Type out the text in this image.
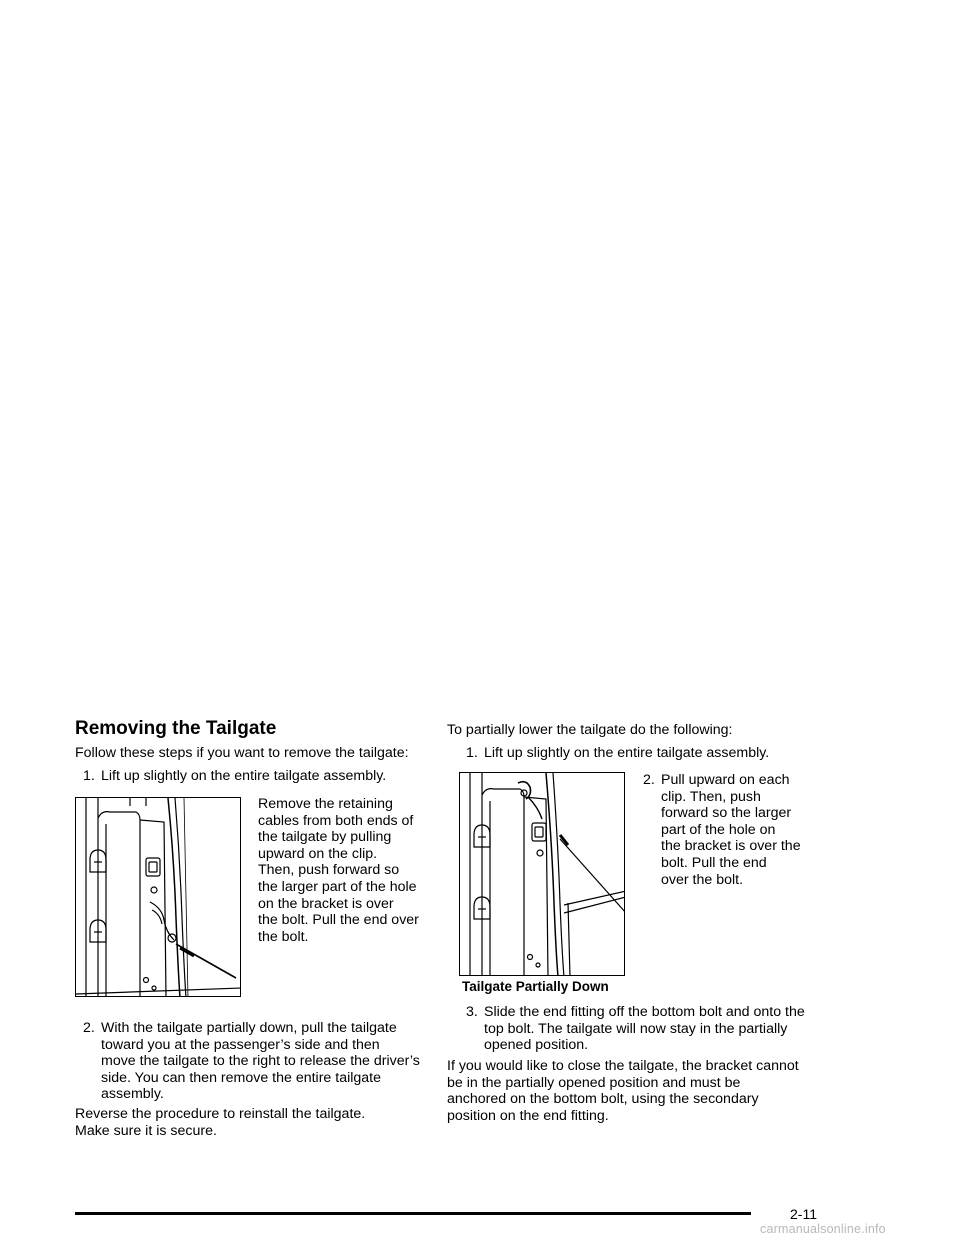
Removing the Tailgate
Follow these steps if you want to remove the tailgate:
1. Lift up slightly on the entire tailgate assembly.
Remove the retaining
cables from both ends of
the tailgate by pulling
upward on the clip.
Then, push forward so
the larger part of the hole
on the bracket is over
the bolt. Pull the end over
the bolt.
2. With the tailgate partially down, pull the tailgate
toward you at the passenger’s side and then
move the tailgate to the right to release the driver’s
side. You can then remove the entire tailgate
assembly.
Reverse the procedure to reinstall the tailgate.
Make sure it is secure.
To partially lower the tailgate do the following:
1. Lift up slightly on the entire tailgate assembly.
Tailgate Partially Down
2. Pull upward on each
clip. Then, push
forward so the larger
part of the hole on
the bracket is over the
bolt. Pull the end
over the bolt.
3. Slide the end fitting off the bottom bolt and onto the
top bolt. The tailgate will now stay in the partially
opened position.
If you would like to close the tailgate, the bracket cannot
be in the partially opened position and must be
anchored on the bottom bolt, using the secondary
position on the end fitting.
2-11
carmanualsonline.info
